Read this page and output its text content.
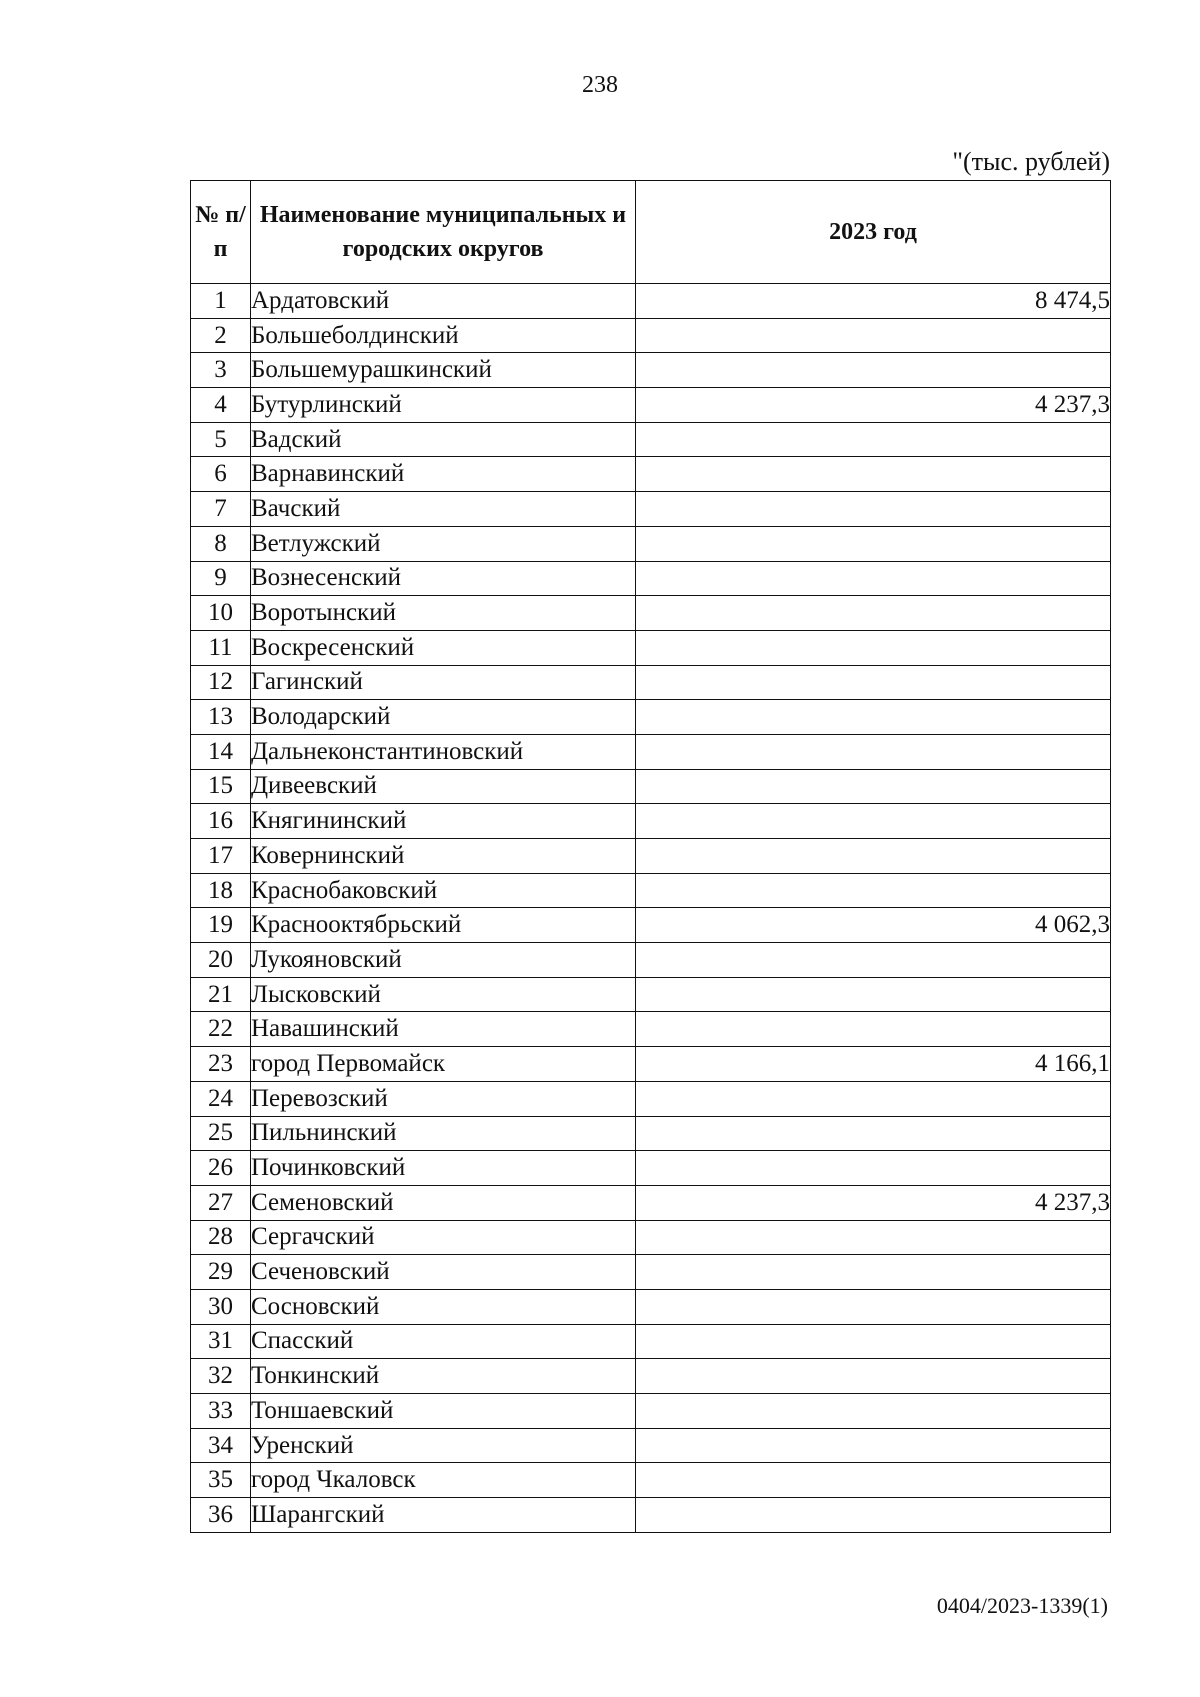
238
"(тыс. рублей)
№ п/п	Наименование муниципальных и городских округов	2023 год
1	Ардатовский	8 474,5
2	Большеболдинский	
3	Большемурашкинский	
4	Бутурлинский	4 237,3
5	Вадский	
6	Варнавинский	
7	Вачский	
8	Ветлужский	
9	Вознесенский	
10	Воротынский	
11	Воскресенский	
12	Гагинский	
13	Володарский	
14	Дальнеконстантиновский	
15	Дивеевский	
16	Княгининский	
17	Ковернинский	
18	Краснобаковский	
19	Краснооктябрьский	4 062,3
20	Лукояновский	
21	Лысковский	
22	Навашинский	
23	город Первомайск	4 166,1
24	Перевозский	
25	Пильнинский	
26	Починковский	
27	Семеновский	4 237,3
28	Сергачский	
29	Сеченовский	
30	Сосновский	
31	Спасский	
32	Тонкинский	
33	Тоншаевский	
34	Уренский	
35	город Чкаловск	
36	Шарангский	
0404/2023-1339(1)
